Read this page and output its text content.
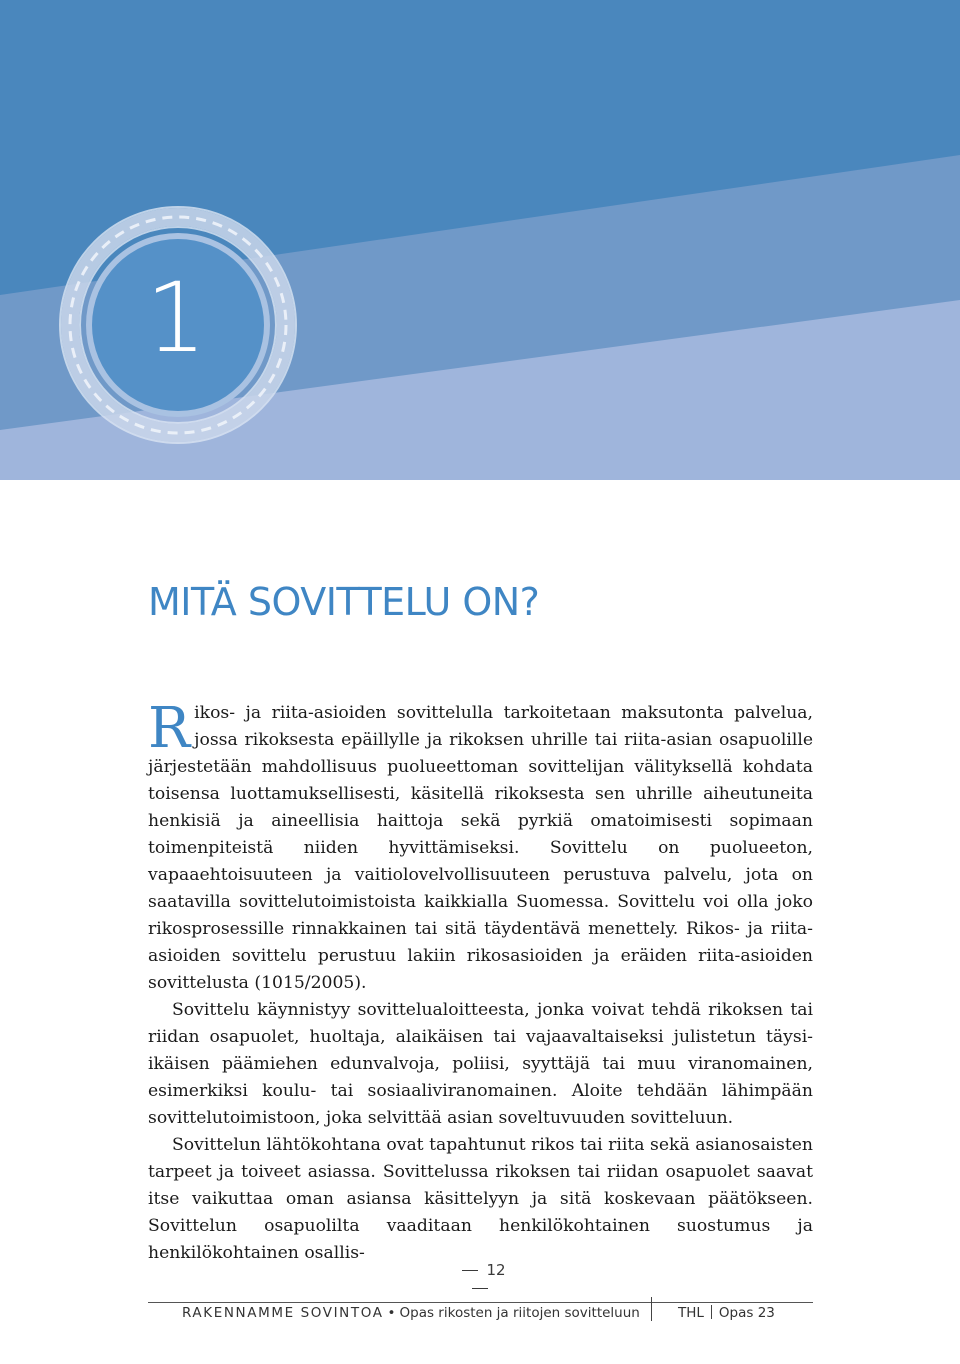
1
MITÄ SOVITTELU ON?

Rikos- ja riita-asioiden sovittelulla tarkoitetaan maksutonta palvelua, jossa rikoksesta epäillylle ja rikoksen uhrille tai riita-asian osapuolille järjestetään mahdollisuus puolueettoman sovittelijan välityksellä kohdata toisensa luottamuksellisesti, käsitellä rikoksesta sen uhrille aiheutuneita henkisiä ja aineellisia haittoja sekä pyrkiä omatoimisesti sopimaan toimenpiteistä niiden hyvittämiseksi. Sovittelu on puolueeton, vapaaehtoisuuteen ja vaitiolovelvollisuuteen perustuva palvelu, jota on saatavilla sovittelutoimistoista kaikkialla Suomessa. Sovittelu voi olla joko rikosprosessille rinnakkainen tai sitä täydentävä menettely. Rikos- ja riita-asioiden sovittelu perustuu lakiin rikosasioiden ja eräiden riita-asioiden sovittelusta (1015/2005).

Sovittelu käynnistyy sovittelualoitteesta, jonka voivat tehdä rikoksen tai riidan osapuolet, huoltaja, alaikäisen tai vajaavaltaiseksi julistetun täysi-ikäisen päämiehen edunvalvoja, poliisi, syyttäjä tai muu viranomainen, esimerkiksi koulu- tai sosiaaliviranomainen. Aloite tehdään lähimpään sovittelutoimistoon, joka selvittää asian soveltuvuuden sovitteluun.

Sovittelun lähtökohtana ovat tapahtunut rikos tai riita sekä asianosaisten tarpeet ja toiveet asiassa. Sovittelussa rikoksen tai riidan osapuolet saavat itse vaikuttaa oman asiansa käsittelyyn ja sitä koskevaan päätökseen. Sovittelun osapuolilta vaaditaan henkilökohtainen suostumus ja henkilökohtainen osallis-

12
RAKENNAMME SOVINTOA • Opas rikosten ja riitojen sovitteluun	THL Opas 23
